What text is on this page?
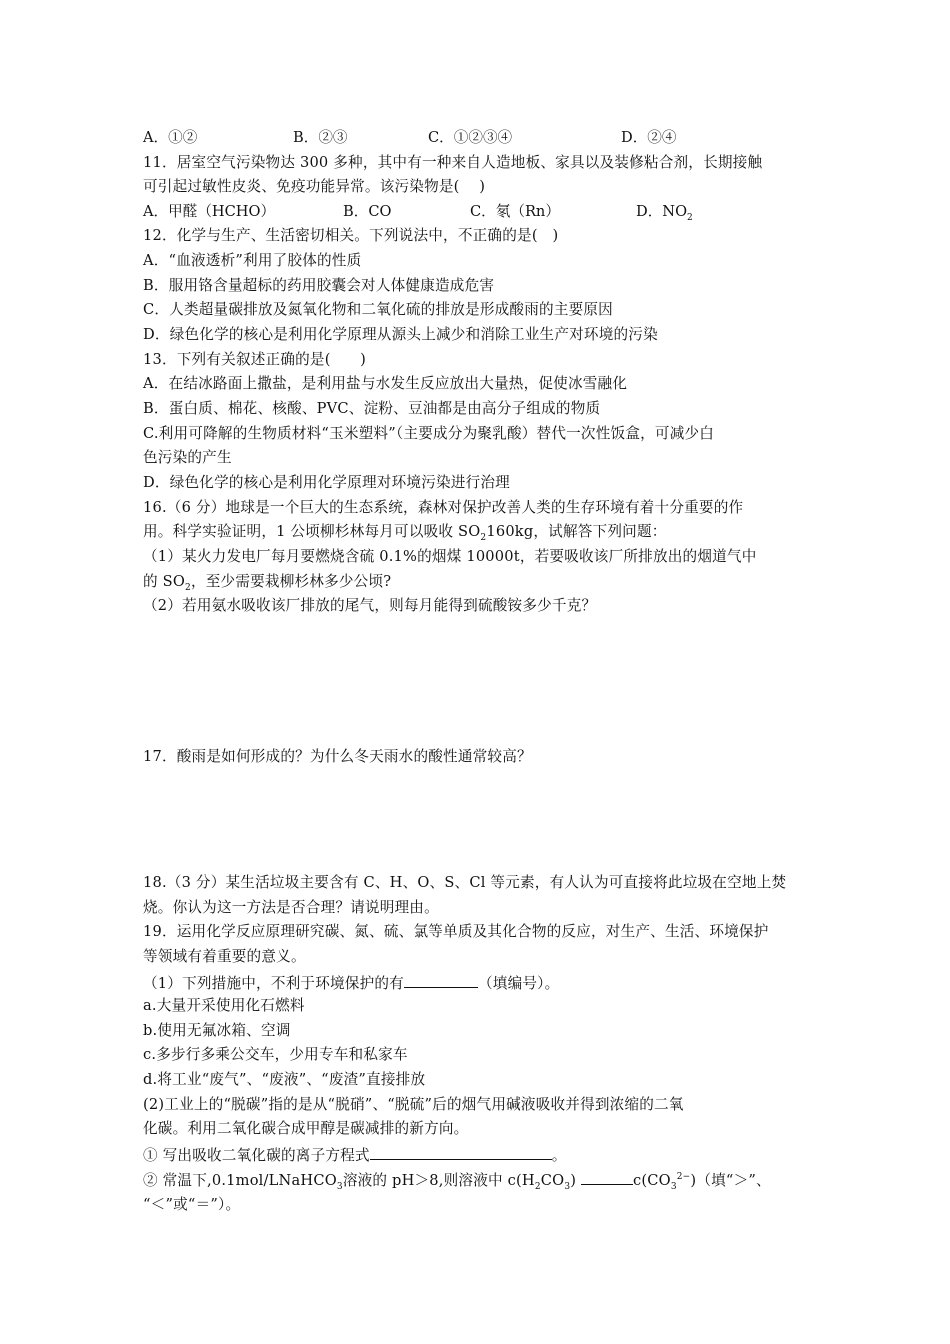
A．①②	B．②③	C．①②③④	D．②④
11．居室空气污染物达 300 多种，其中有一种来自人造地板、家具以及装修粘合剂，长期接触
可引起过敏性皮炎、免疫功能异常。该污染物是(　 )
A．甲醛（HCHO）	B．CO	C．氡（Rn）	D．$NO_2$
12．化学与生产、生活密切相关。下列说法中，不正确的是(　)
A．“血液透析”利用了胶体的性质
B．服用铬含量超标的药用胶囊会对人体健康造成危害
C．人类超量碳排放及氮氧化物和二氧化硫的排放是形成酸雨的主要原因
D．绿色化学的核心是利用化学原理从源头上减少和消除工业生产对环境的污染
13．下列有关叙述正确的是(　　)
A．在结冰路面上撒盐，是利用盐与水发生反应放出大量热，促使冰雪融化
B．蛋白质、棉花、核酸、PVC、淀粉、豆油都是由高分子组成的物质
C.利用可降解的生物质材料“玉米塑料”（主要成分为聚乳酸）替代一次性饭盒，可减少白
色污染的产生
D．绿色化学的核心是利用化学原理对环境污染进行治理
16.（6 分）地球是一个巨大的生态系统，森林对保护改善人类的生存环境有着十分重要的作
用。科学实验证明，1 公顷柳杉林每月可以吸收 $SO_2160kg$，试解答下列问题：
（1）某火力发电厂每月要燃烧含硫 0.1%的烟煤 10000t，若要吸收该厂所排放出的烟道气中
的 $SO_2$，至少需要栽柳杉林多少公顷?
（2）若用氨水吸收该厂排放的尾气，则每月能得到硫酸铵多少千克？
17．酸雨是如何形成的？为什么冬天雨水的酸性通常较高？
18.（3 分）某生活垃圾主要含有 C、H、O、S、Cl 等元素，有人认为可直接将此垃圾在空地上焚
烧。你认为这一方法是否合理？请说明理由。
19．运用化学反应原理研究碳、氮、硫、氯等单质及其化合物的反应，对生产、生活、环境保护
等领域有着重要的意义。
（1）下列措施中，不利于环境保护的有	（填编号）。
a.大量开采使用化石燃料
b.使用无氟冰箱、空调
c.多步行多乘公交车，少用专车和私家车
d.将工业“废气”、“废液”、“废渣”直接排放
(2)工业上的“脱碳”指的是从“脱硝”、“脱硫”后的烟气用碱液吸收并得到浓缩的二氧
化碳。利用二氧化碳合成甲醇是碳减排的新方向。
① 写出吸收二氧化碳的离子方程式	。
② 常温下,0.1mol/LNaHCO$_3$溶液的 pH＞8,则溶液中 $c(H_2CO_3)$	$c(CO_3^{2-})$（填“＞”、
“＜”或“＝”）。
